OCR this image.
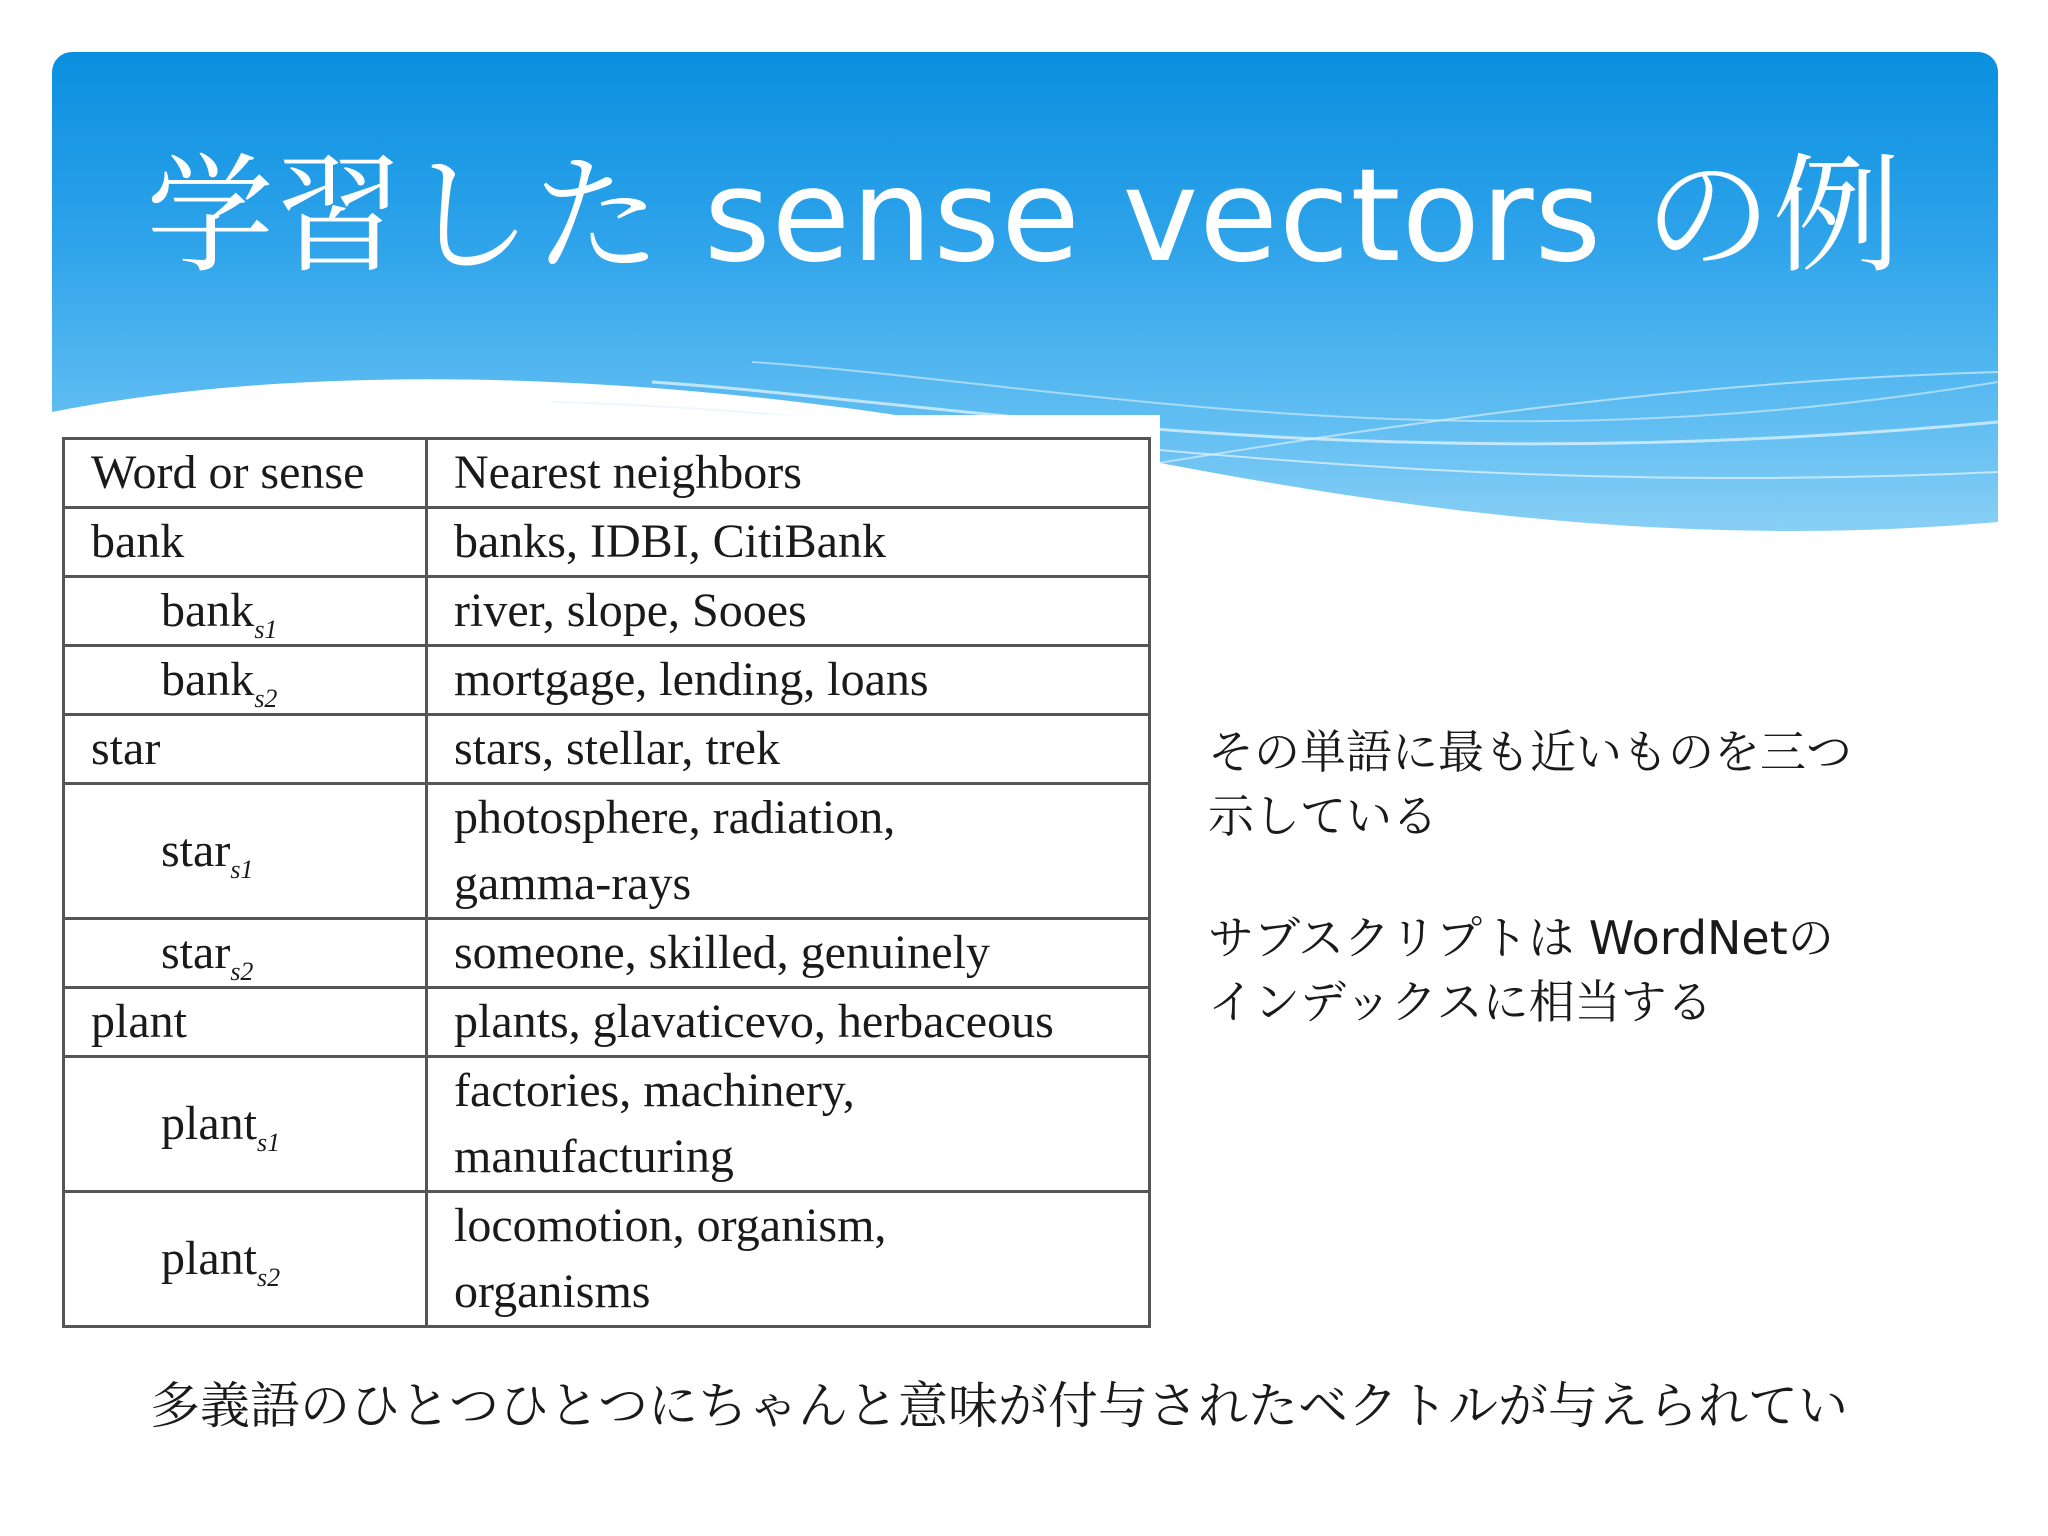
学習した sense vectors の例
Word or sense	Nearest neighbors
bank	banks, IDBI, CitiBank

bank$_{s1}$	river, slope, Sooes

bank$_{s2}$	mortgage, lending, loans

star	stars, stellar, trek

star$_{s1}$	photosphere, radiation,
gamma-rays

star$_{s2}$	someone, skilled, genuinely

plant	plants, glavaticevo, herbaceous

plant$_{s1}$	factories, machinery,
manufacturing

plant$_{s2}$	locomotion, organism,
organisms
その単語に最も近いものを三つ
示している
サブスクリプトは WordNetの
インデックスに相当する

多義語のひとつひとつにちゃんと意味が付与されたベクトルが与えられてい
